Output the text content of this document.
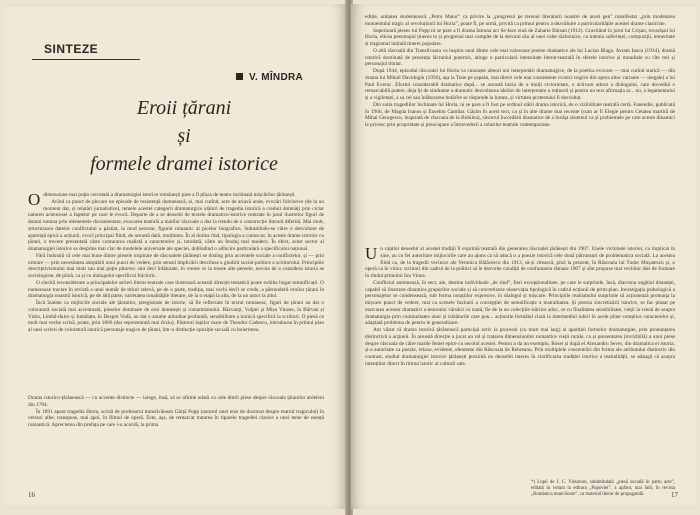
SINTEZE
V. MÎNDRA
Eroii țărani
și
formele dramei istorice

Odimensiune mai puțin cercetată a dramaturgiei istorice românești pare a fi pînza de teatru inchinată mișcărilor țărănești.

Avînd ca punct de plecare un episode de rezistență domnească, ei, mai curînd, acte de ariavă unde, evocări folclorice (de la un moment dat, și relatări jurnalistice), temele acestei categorii dramaturgice alături de tragedia istorică a creduit domnăți prin ciclar naturen acteucesei a faptelor pe care le evocă. Departe de a se deosebi de textele dramatico-istorice centrate în jurul ilustrelor figuri de domni nomna prin elementele documentare, evocarea teatrală a marilor răscoale a dus la trendu de o construcție literară diferită. Mai mult, structurarea datelor conflictului a păstiat, la mod necesar, figurul romantic al picelor biografice, îndrumîndu-se către o desvoltare de aparență epică a acțiunii, evocî principal fiind, de această dată, mulțimea. În al doilea rînd, tipologia a cunoscut, în aceste drame istorice cu țărani, o trecere prezentată către conturarea realistă a caracterelor și, totodată, către un fenduj mai modern. În efect, acest sector al dramaturgiei istorice sa desprins mai clar de modelele universale ale speciei, dobîndind o adîncire particulară a specificului național.

Fără îndoială că cele mai bune dintre piesele inspirate de răscoalele țărănești se disting prin accentele sociale a conflictelor, și — prin urmare — prin necesitatea adoptării unui punct de vedere, prin sensul implicării desciluse a gindirii social-politice a scriitorului. Principiile descriptivismului mai mult sau mai puțin pitoresc sint deci înlăturate, în vreme ce la tresee alte pereele, nevoia de a considera istoria se sociologiste, de plină, ca și cu dialogului specificul folcloric.

O sincită reconsiderare a principalelor serieri literar-teatrale care ilustrează această direcție tematică poate exhiba bogat semnificații. O numeroase tracere în revistă a unui număr de titluri relevă, pe de o parte, tradiția, mai vechi decît se crede, a pătrunderii eroilor țărani în dramaturgia noastră istorică, pe de altă parte, varietatea tonalitățile literare, de la o etapă la alta, de la un autor la altul.

Încă înainte ca mijlocile sociale ale țăranilor, țaregistrate de istorie, să fie reflectate în textul romanesc, figuri de țărani au dat o coloratură socială mai accentuată, pieselor dominate de eroi domnești și romantismului. Răzvanți, Vulpei și Mișu Vitaste, în Bărvan și Vidra, Limbă-dulce și Jumătate, în Despot Vodă, au dat o anume atitudine profundă, sensibilitate a ironică specifică la scriitori. O piesă ce mult mai veche scrisă, poate, prin 1866 (dar reprezentată mai tîrziu), Păstorul lupilor mare de Theodor Cadescu, introducea în primul plan al unei scrieri de coloratură istorică personaje tragice de țărani, într-o distincție opoziție socială cu boierimea.

Drama istorico-țărănească — cu accente distincte — larege, însă, să se afirme odată cu cele dintîi piese despre răscoala țăranilor ardeleni din 1784.

În 1891 apare tragedia Horia, scrisă de profesorul transilvănean Ghiță Popp (autorul unei teze de doctorat despre teatrul tragicului) în versuri albe, transpuse, mai apoi, în filmul de operă. Este, așa, de remarcat tratarea în tiparele tragediei clasice a unei teme de esență romantică. Aprecierea din prefața pe care i-o acordă, la prima

16

ediție, unitatea studentească „Petru Maior” ca privire la „progresul pe terenul literaturii noastre de acest gen” manifestat „prin modelarea momentului tragic al revoluțiunii lui Horia”, poate fi, pe urmă, privită ca primul pentru a dezvăluire a particularitățile acestei drame clasiciste.

Superioară pieses lui Popp ni se pare a fi drama întruna act Se-face ziuă de Zaharie Bârsan (1912). Gravitând în jurul lui Crișan, tovarășul lui Horia, elicea personajul ținerea tu și progresul mai complet de la decorul său al unei culte războinice, cu intenia suferinței, compoziții, temeritate și tragismul inițială tinerei populare.

O altă răscoală din Transilvania va inspira unul dintre cele mai valoroase poeme dramatice ale lui Lucian Blaga. Avram Iancu (1934), dramă istorică dominată de prezența lăcrunlui puternic, atinge o particulară intensitate literar-teatrală în sferele istorice și mondiale cu cîte trei și personajul titular.

După 1944, episodul răscoalei lui Horia va cunoaște alteori noi interpretări dramaturgice, de la poetica evocare — mai curînd statică — din drama lui Mihail Davidoglu (1956), așa la Tone pe șapsăn, mai direct cele mai consistente cronici tragice din opera altor variante — inegale) a lui Paul Everac. Efortul considerabil dramatice după... se această horia de o mulți victorietate, o activare aduce a dialogului, care dovedită o remarcabilă putere, deja îți de sindrame a dramatic dezvoltarea ideilor de interpretare a reținerii și pentru un text afirmația ar... nu, a legamentului și a vigilenței, a sa cel sau înlăturarea hotărîre se răspunde la lumea, și virtutea protestului fi dezvoltat.

Din suita tragediilor închinate lui Horia, ni se pare a fi fost pe ordinul stării drama istorică, de o vizibilitate teatrală certă. Fanendie, publicată în 1966, de Magda Isanos și Eusebiu Camilar. Gășim în acest text, ca și în alte drame mai recente (cum ar fi Elegie pentru Cetatea martiră de Mihai Georgescu, inspirată de răscoala de la Bobilna), sincerul încordării dramatice de a învăța sistemul ca și problemele pe care aceste dinamici le privesc prin proprietate și preocupare a întrevederii a rolurilor teatrale contemporane.

Un capitol deosebit al acestei tradiții îl exprimă teatrală din generarea răscoalei țărănești din 1907. Unele victimele istoriei, cu implicat în sine, au cu fel autoritare mijlocirile care au ajuns ca să aducă o a poezie istorică cele două pătrunsuri de problematica socială. La acestea fiind ca, de la tragedii vecinice ale Veronica Bălăcescu din 1913, să-și citească, pînă la prezent, în Răscoala lui Tudor Mușatescu și, o operă ca în viitor, scriitori din cadrul de la politici să le dezvolte condiții de confuntarea rămase 1907 și sînt propuse mai vechilor idei de formare în rîndul primului Ion Vinea.

Conflictul antrenează, în sect, ale, destine individuale „de rind”, fieri excepționalitate, pe care le surprinde, însă, diacrona unghiul distanței, capabil să ilustreze dinamica grupurilor sociale și să concretizeze observația tipologică în cadrul ecțiunii de prim-plan. Investigația psihologică a personajelor se condensează, sub forma notațiilor expresive, în dialogul și mișcare. Principiile realismului surprinde să acționează pronunța la mișcare punct de vedere, mai ca scenele fuziunii a concepției de semnificație a teatralitatea. Și poezia sincretizării istorice, se fac plasat pe marcarea acestor dramatici a tenorului vărsării cu toată, fie de la un colecțiile stărilor aduc, ce cu finalitatea sensibilitate, vieții la scenă de asupra dramaturgia prin continuitatea unor și trăsăturile care pun... acțiunile formând clasă la intermediul iubiri în acele pline complice caracterelor și, adaptată problema de pentru le generalizare.

Am văzut că drama istorică țărănească participă activ la procesul (cu mult mai larg) al apariției formelor dramaturgiei, prin pronunțarea distinctivă a acțiunii. În această direcție a jucat un rol și tratarea dimensiunilor romantice vieții rurale, ca și prezentarea (invizibilă) a unor piese despre răscoala de către marile femei epice cu secolul acestei. Pentru a da un exemplu, Rosei și după el Alexandru Sever, din dramatica ei istoria, și-a autoritate ca poezie, relaxe, evidente, elemente din Răscoala de Rebreanu. Prin multiplele concentrări din forma ale atributului distinctiv din contrast, studiul dramaturgiei istorice țărănești prezintă un deosebit interes în clarificarea tradiției istorice a teatralității, se adaugă că asupra intențiilor direct în ritmul istoric al culturii sale.

*) Lupii de I. C. Vissarion, subintitulată „piesă socială în patru acte”, editată în volum la editura „Popoviei”, a apărut, mai întîi, în revista „Românica munciloare”, ca material literar de propagandă.	17
